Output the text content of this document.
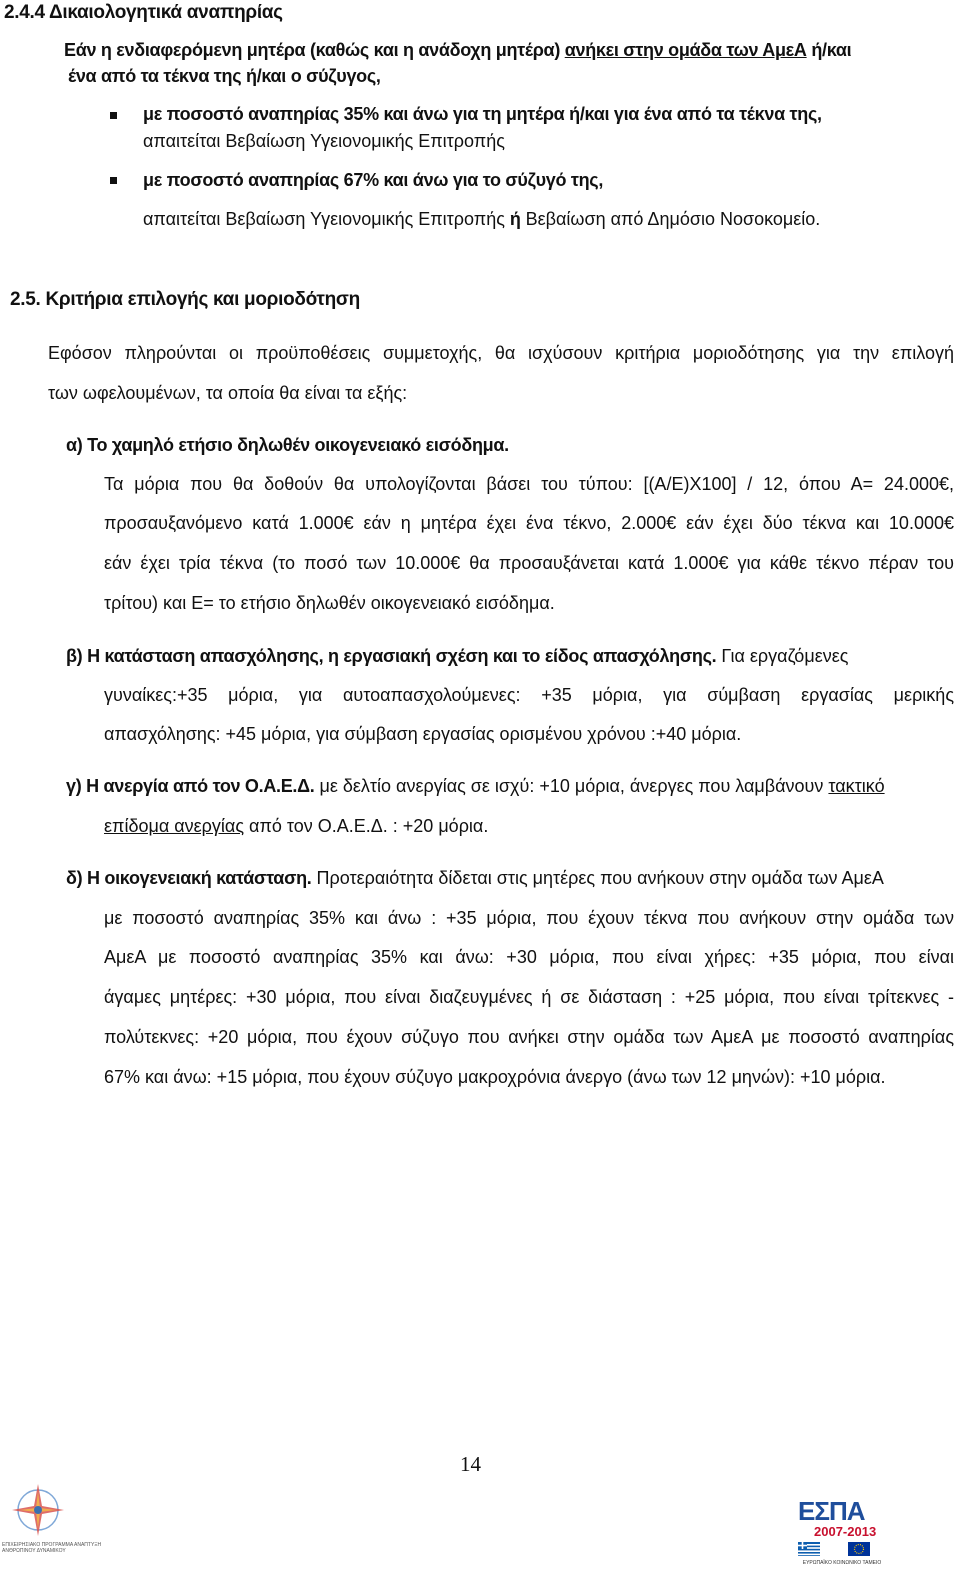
2.4.4 Δικαιολογητικά αναπηρίας
Εάν η ενδιαφερόμενη μητέρα (καθώς και η ανάδοχη μητέρα) ανήκει στην ομάδα των ΑμεΑ ή/και
ένα από τα τέκνα της ή/και ο σύζυγος,
με ποσοστό αναπηρίας 35% και άνω για τη μητέρα ή/και για ένα από τα τέκνα της,
απαιτείται Βεβαίωση Υγειονομικής Επιτροπής
με ποσοστό αναπηρίας 67% και άνω για το σύζυγό της,
απαιτείται Βεβαίωση Υγειονομικής Επιτροπής ή Βεβαίωση από Δημόσιο Νοσοκομείο.
2.5. Κριτήρια επιλογής και μοριοδότηση
Εφόσον πληρούνται οι προϋποθέσεις συμμετοχής, θα ισχύσουν κριτήρια μοριοδότησης για την επιλογή
των ωφελουμένων, τα οποία θα είναι τα εξής:
α) Το χαμηλό ετήσιο δηλωθέν οικογενειακό εισόδημα.
Τα μόρια που θα δοθούν θα υπολογίζονται βάσει του τύπου: [(Α/Ε)Χ100] / 12, όπου Α= 24.000€,
προσαυξανόμενο κατά 1.000€ εάν η μητέρα έχει ένα τέκνο, 2.000€ εάν έχει δύο τέκνα και 10.000€
εάν έχει τρία τέκνα (το ποσό των 10.000€ θα προσαυξάνεται κατά 1.000€ για κάθε τέκνο πέραν του
τρίτου) και Ε= το ετήσιο δηλωθέν οικογενειακό εισόδημα.
β) Η κατάσταση απασχόλησης, η εργασιακή σχέση και το είδος απασχόλησης. Για εργαζόμενες
γυναίκες:+35 μόρια, για αυτοαπασχολούμενες: +35 μόρια, για σύμβαση εργασίας μερικής
απασχόλησης: +45 μόρια, για σύμβαση εργασίας ορισμένου χρόνου :+40 μόρια.
γ) Η ανεργία από τον Ο.Α.Ε.Δ. με δελτίο ανεργίας σε ισχύ: +10 μόρια, άνεργες που λαμβάνουν τακτικό
επίδομα ανεργίας από τον Ο.Α.Ε.Δ. : +20 μόρια.
δ) Η οικογενειακή κατάσταση. Προτεραιότητα δίδεται στις μητέρες που ανήκουν στην ομάδα των ΑμεΑ
με ποσοστό αναπηρίας 35% και άνω : +35 μόρια, που έχουν τέκνα που ανήκουν στην ομάδα των
ΑμεΑ με ποσοστό αναπηρίας 35% και άνω: +30 μόρια, που είναι χήρες: +35 μόρια, που είναι
άγαμες μητέρες: +30 μόρια, που είναι διαζευγμένες ή σε διάσταση : +25 μόρια, που είναι τρίτεκνες -
πολύτεκνες: +20 μόρια, που έχουν σύζυγο που ανήκει στην ομάδα των ΑμεΑ με ποσοστό αναπηρίας
67% και άνω: +15 μόρια, που έχουν σύζυγο μακροχρόνια άνεργο (άνω των 12 μηνών): +10 μόρια.
14
ΕΠΙΧΕΙΡΗΣΙΑΚΟ ΠΡΟΓΡΑΜΜΑ ΑΝΑΠΤΥΞΗ ΑΝΘΡΩΠΙΝΟΥ ΔΥΝΑΜΙΚΟΥ
ΕΣΠΑ
2007-2013
ΕΥΡΩΠΑΪΚΟ ΚΟΙΝΩΝΙΚΟ ΤΑΜΕΙΟ
